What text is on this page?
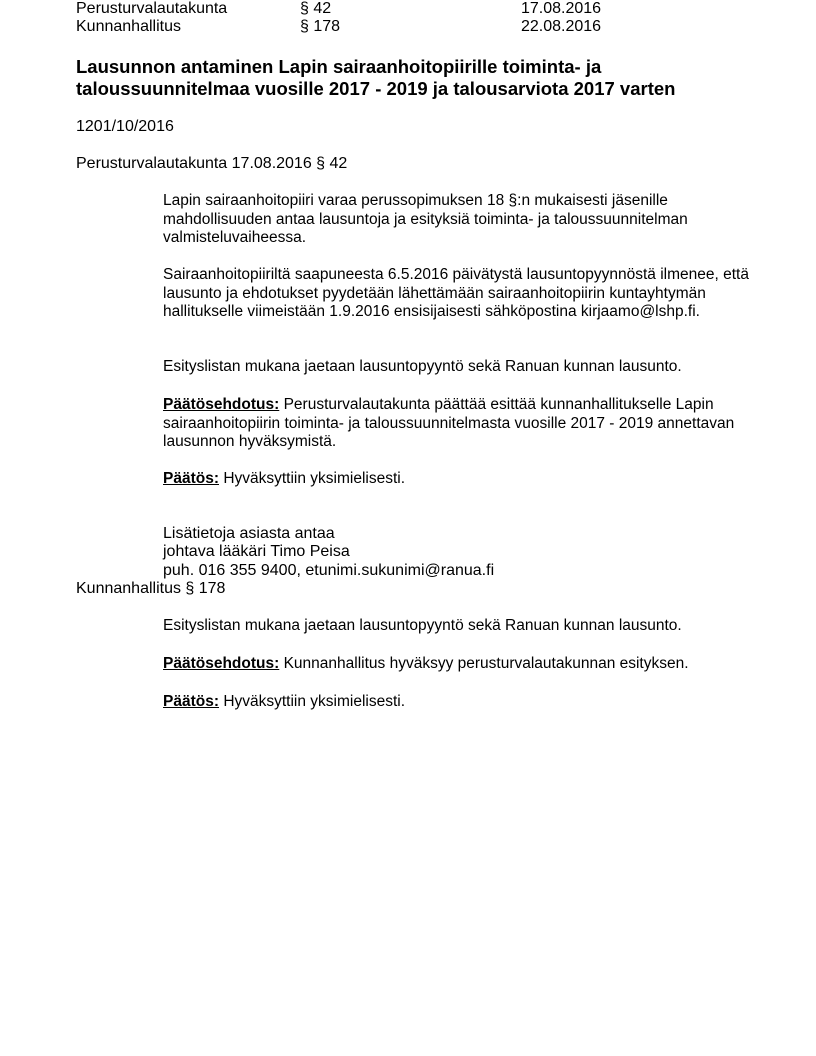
Perusturvalautakunta	§ 42	17.08.2016
Kunnanhallitus	§ 178	22.08.2016
Lausunnon antaminen Lapin sairaanhoitopiirille toiminta- ja taloussuunnitelmaa vuosille 2017 - 2019 ja talousarviota 2017 varten
1201/10/2016
Perusturvalautakunta 17.08.2016 § 42
Lapin sairaanhoitopiiri varaa perussopimuksen 18 §:n mukaisesti jäsenille mahdollisuuden antaa lausuntoja ja esityksiä toiminta- ja taloussuunnitelman valmisteluvaiheessa.
Sairaanhoitopiiriltä saapuneesta 6.5.2016 päivätystä lausuntopyynnöstä ilmenee, että lausunto ja ehdotukset pyydetään lähettämään sairaanhoitopiirin kuntayhtymän hallitukselle viimeistään 1.9.2016 ensisijaisesti sähköpostina kirjaamo@lshp.fi.
Esityslistan mukana jaetaan lausuntopyyntö sekä Ranuan kunnan lausunto.
Päätösehdotus: Perusturvalautakunta päättää esittää kunnanhallitukselle Lapin sairaanhoitopiirin toiminta- ja taloussuunnitelmasta vuosille 2017 - 2019 annettavan lausunnon hyväksymistä.
Päätös: Hyväksyttiin yksimielisesti.
Lisätietoja asiasta antaa
johtava lääkäri Timo Peisa
puh. 016 355 9400, etunimi.sukunimi@ranua.fi
Kunnanhallitus § 178
Esityslistan mukana jaetaan lausuntopyyntö sekä Ranuan kunnan lausunto.
Päätösehdotus: Kunnanhallitus hyväksyy perusturvalautakunnan esityksen.
Päätös: Hyväksyttiin yksimielisesti.
